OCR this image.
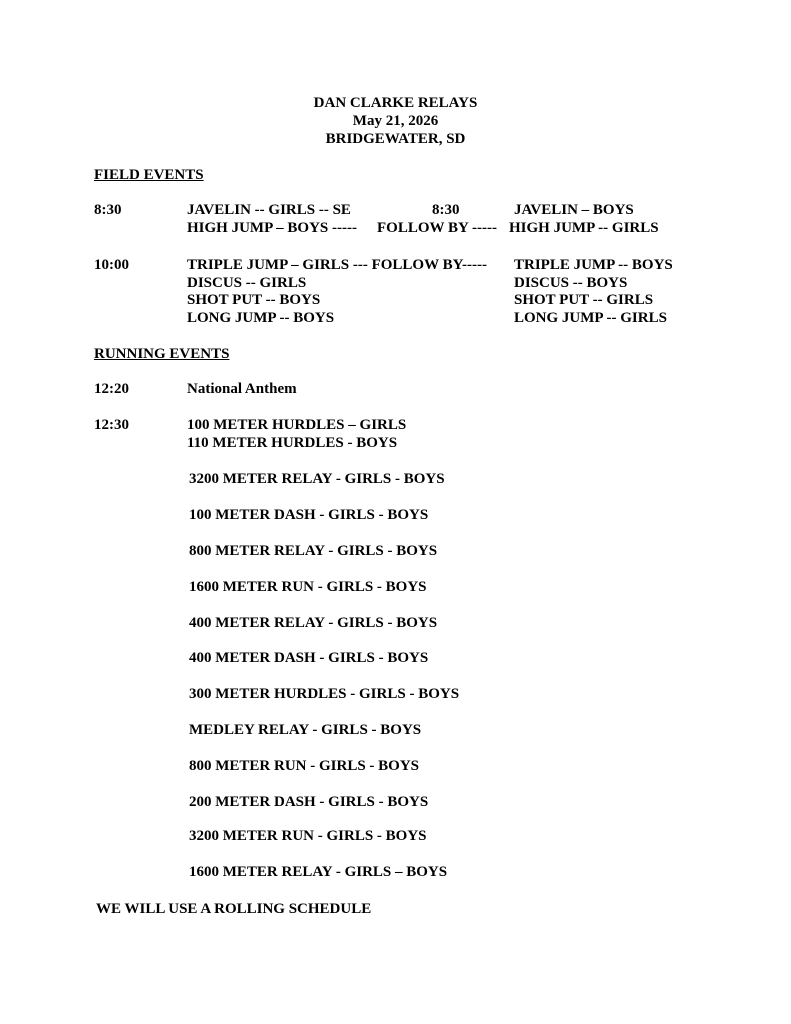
DAN CLARKE RELAYS
May 21, 2026
BRIDGEWATER, SD
FIELD EVENTS
8:30	JAVELIN -- GIRLS -- SE	8:30	JAVELIN – BOYS
HIGH JUMP – BOYS ----- FOLLOW BY ----- HIGH JUMP -- GIRLS
10:00	TRIPLE JUMP – GIRLS --- FOLLOW BY----- TRIPLE JUMP -- BOYS
DISCUS -- GIRLS	DISCUS -- BOYS
SHOT PUT -- BOYS	SHOT PUT -- GIRLS
LONG JUMP -- BOYS	LONG JUMP -- GIRLS
RUNNING EVENTS
12:20	National Anthem
12:30	100 METER HURDLES – GIRLS
110 METER HURDLES - BOYS
3200 METER RELAY - GIRLS - BOYS
100 METER DASH - GIRLS - BOYS
800 METER RELAY - GIRLS - BOYS
1600 METER RUN - GIRLS - BOYS
400 METER RELAY - GIRLS - BOYS
400 METER DASH - GIRLS - BOYS
300 METER HURDLES - GIRLS - BOYS
MEDLEY RELAY - GIRLS - BOYS
800 METER RUN - GIRLS - BOYS
200 METER DASH - GIRLS - BOYS
3200 METER RUN - GIRLS - BOYS
1600 METER RELAY - GIRLS – BOYS
WE WILL USE A ROLLING SCHEDULE
